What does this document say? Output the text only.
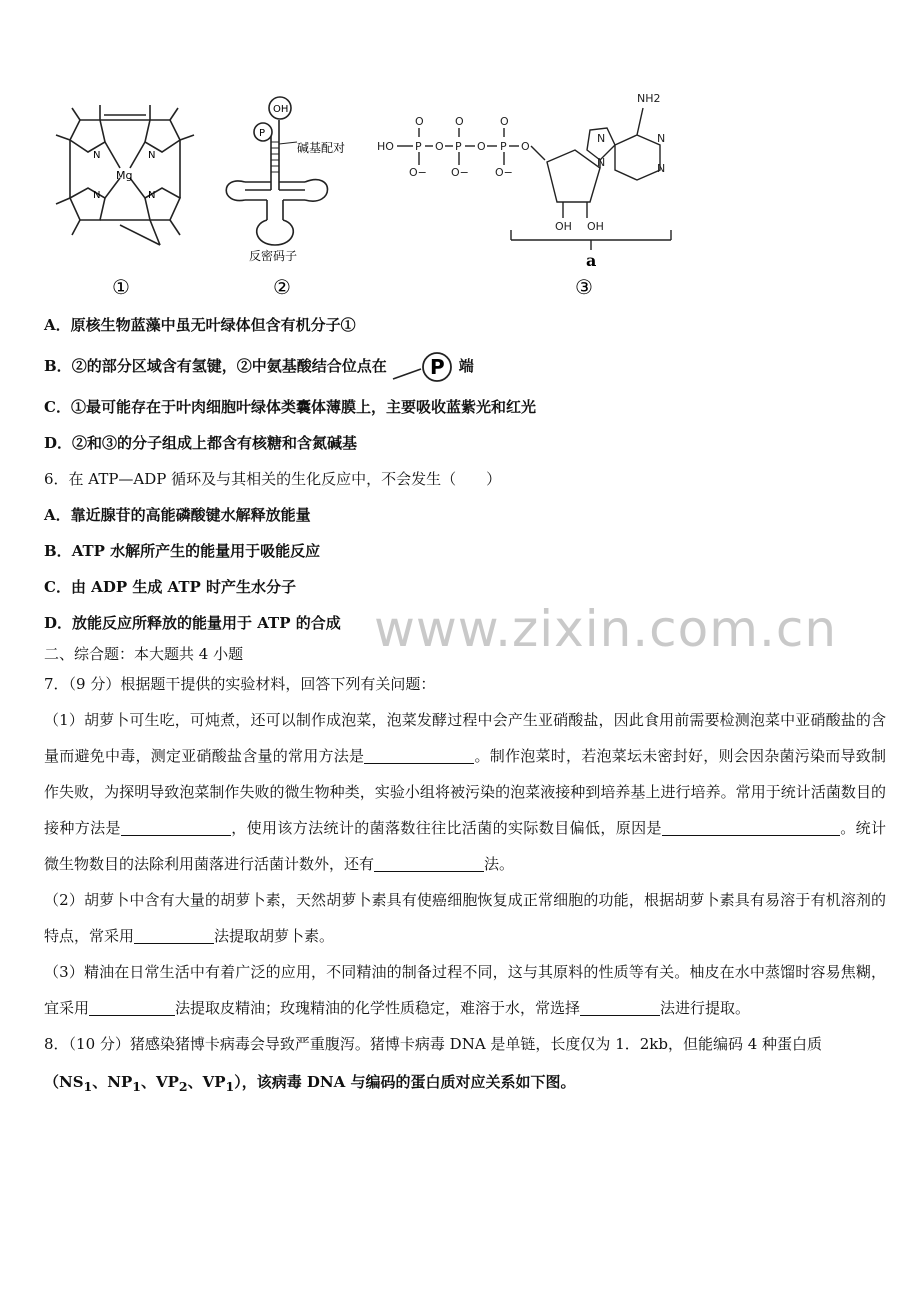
N	N
N	N
Mg
①
OH
P
碱基配对
反密码子
②
HO P	P	P
O	O	O
O− O− O−
O	O	O
NH2
OH OH
N
N
N
N
a
③
A．原核生物蓝藻中虽无叶绿体但含有机分子①
B．②的部分区域含有氢键，②中氨基酸结合位点在 P 端
C．①最可能存在于叶肉细胞叶绿体类囊体薄膜上，主要吸收蓝紫光和红光
D．②和③的分子组成上都含有核糖和含氮碱基
6．在 ATP—ADP 循环及与其相关的生化反应中，不会发生（　　）
A．靠近腺苷的高能磷酸键水解释放能量
B．ATP 水解所产生的能量用于吸能反应
C．由 ADP 生成 ATP 时产生水分子
D．放能反应所释放的能量用于 ATP 的合成 www.zixin.com.cn
二、综合题：本大题共 4 小题
7．（9 分）根据题干提供的实验材料，回答下列有关问题：
（1）胡萝卜可生吃，可炖煮，还可以制作成泡菜，泡菜发酵过程中会产生亚硝酸盐，因此食用前需要检测泡菜中亚硝酸盐的含量而避免中毒，测定亚硝酸盐含量的常用方法是	。制作泡菜时，若泡菜坛未密封好，则会因杂菌污染而导致制作失败，为探明导致泡菜制作失败的微生物种类，实验小组将被污染的泡菜液接种到培养基上进行培养。常用于统计活菌数目的接种方法是	，使用该方法统计的菌落数往往比活菌的实际数目偏低，原因是	。统计微生物数目的法除利用菌落进行活菌计数外，还有	法。
（2）胡萝卜中含有大量的胡萝卜素，天然胡萝卜素具有使癌细胞恢复成正常细胞的功能，根据胡萝卜素具有易溶于有机溶剂的特点，常采用	法提取胡萝卜素。
（3）精油在日常生活中有着广泛的应用，不同精油的制备过程不同，这与其原料的性质等有关。柚皮在水中蒸馏时容易焦糊，宜采用	法提取皮精油；玫瑰精油的化学性质稳定，难溶于水，常选择	法进行提取。
8．（10 分）猪感染猪博卡病毒会导致严重腹泻。猪博卡病毒 DNA 是单链，长度仅为 1．2kb，但能编码 4 种蛋白质
（$NS_1$、$NP_1$、$VP_2$、$VP_1$），该病毒 DNA 与编码的蛋白质对应关系如下图。
